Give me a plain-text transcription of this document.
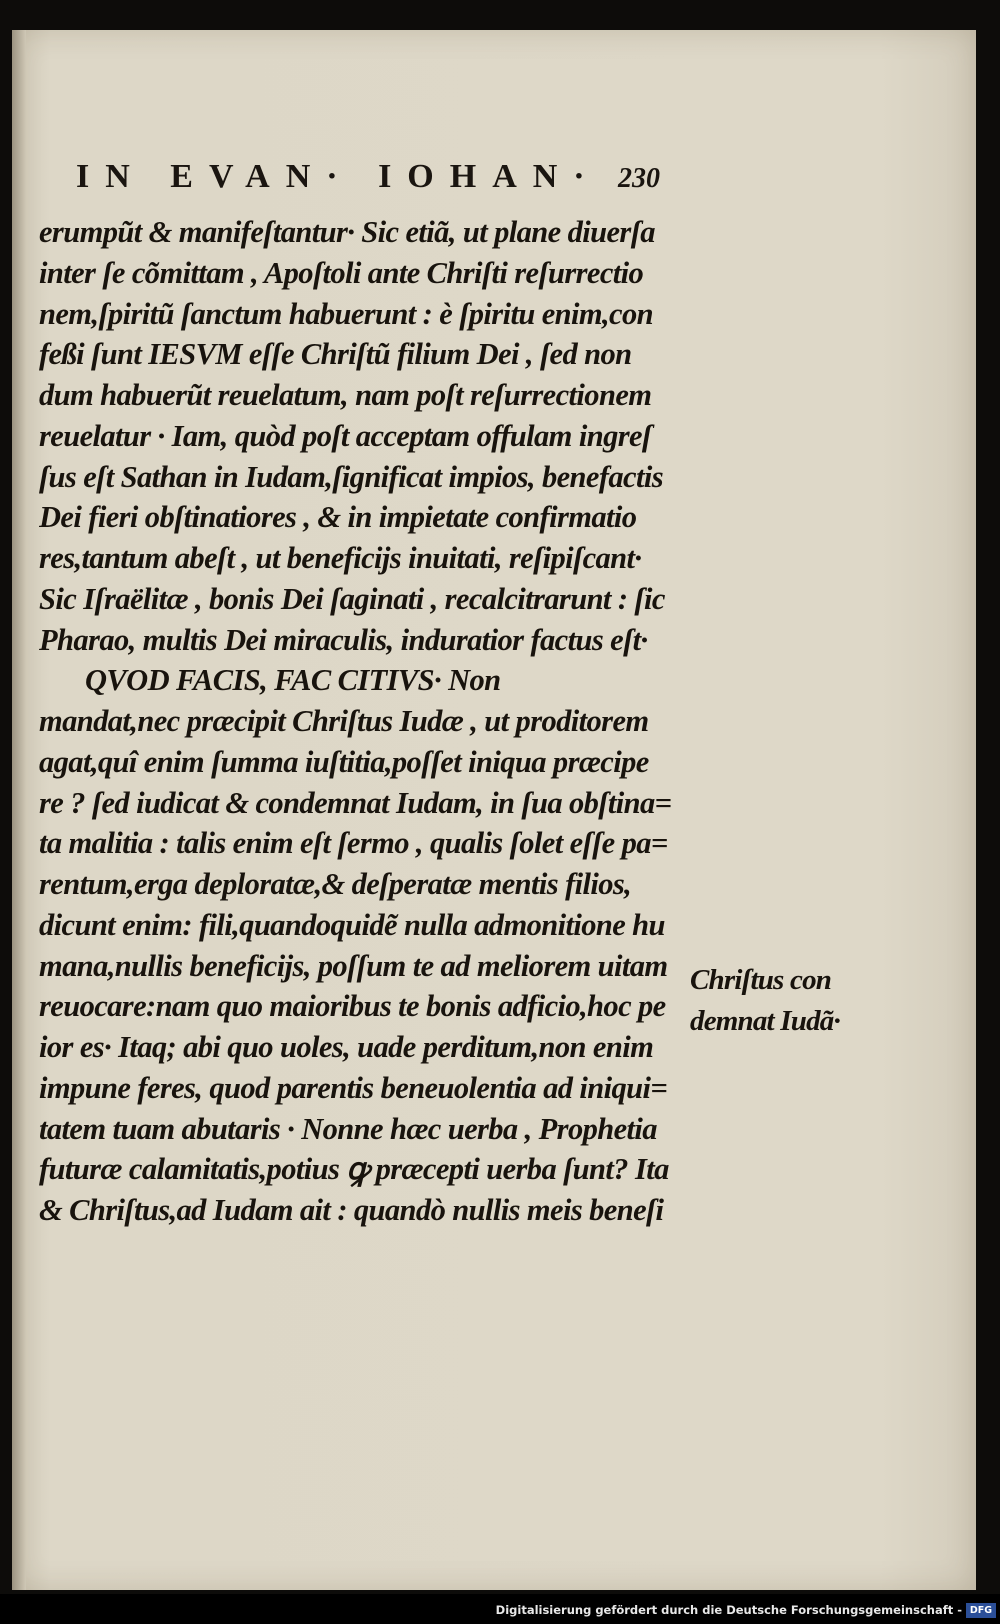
IN EVAN· IOHAN· 230
erumpũt & manifeſtantur· Sic etiã, ut plane diuerſa
inter ſe cõmittam , Apoſtoli ante Chriſti reſurrectio
nem,ſpiritũ ſanctum habuerunt : è ſpiritu enim,con
feßi ſunt IESVM eſſe Chriſtũ filium Dei , ſed non
dum habuerũt reuelatum, nam poſt reſurrectionem
reuelatur · Iam, quòd poſt acceptam offulam ingreſ
ſus eſt Sathan in Iudam,ſignificat impios, benefactis
Dei fieri obſtinatiores , & in impietate confirmatio
res,tantum abeſt , ut beneficijs inuitati, reſipiſcant·
Sic Iſraëlitæ , bonis Dei ſaginati , recalcitrarunt : ſic
Pharao, multis Dei miraculis, induratior factus eſt·
QVOD FACIS, FAC CITIVS· Non
mandat,nec præcipit Chriſtus Iudæ , ut proditorem
agat,quî enim ſumma iuſtitia,poſſet iniqua præcipe
re ? ſed iudicat & condemnat Iudam, in ſua obſtina=
ta malitia : talis enim eſt ſermo , qualis ſolet eſſe pa=
rentum,erga deploratæ,& deſperatæ mentis filios,
dicunt enim: fili,quandoquidẽ nulla admonitione hu
mana,nullis beneficijs, poſſum te ad meliorem uitam
reuocare:nam quo maioribus te bonis adficio,hoc pe
ior es· Itaq; abi quo uoles, uade perditum,non enim
impune feres, quod parentis beneuolentia ad iniqui=
tatem tuam abutaris · Nonne hæc uerba , Prophetia
futuræ calamitatis,potius ꝙ præcepti uerba ſunt? Ita
& Chriſtus,ad Iudam ait : quandò nullis meis beneſi
Chriſtus con
demnat Iudã·
Digitalisierung gefördert durch die Deutsche Forschungsgemeinschaft - DFG
